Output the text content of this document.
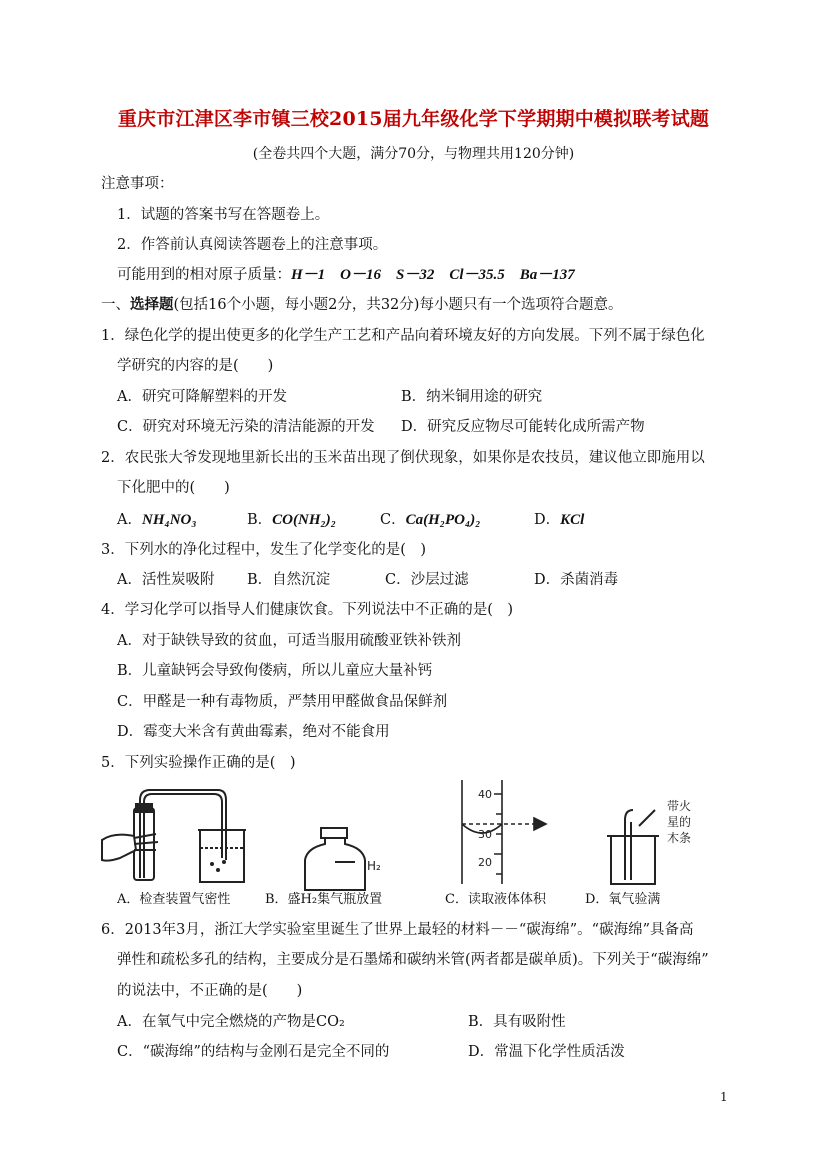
重庆市江津区李市镇三校2015届九年级化学下学期期中模拟联考试题
(全卷共四个大题，满分70分，与物理共用120分钟)
注意事项：
1．试题的答案书写在答题卷上。
2．作答前认真阅读答题卷上的注意事项。
可能用到的相对原子质量：H－1　O－16　S－32　Cl－35.5　Ba－137
一、选择题(包括16个小题，每小题2分，共32分)每小题只有一个选项符合题意。
1．绿色化学的提出使更多的化学生产工艺和产品向着环境友好的方向发展。下列不属于绿色化
学研究的内容的是(　　)
A．研究可降解塑料的开发	B．纳米铜用途的研究
C．研究对环境无污染的清洁能源的开发 D．研究反应物尽可能转化成所需产物
2．农民张大爷发现地里新长出的玉米苗出现了倒伏现象，如果你是农技员，建议他立即施用以
下化肥中的(　　)
A．NH₄NO₃	B．CO(NH₂)₂	C．Ca(H₂PO₄)₂	D．KCl
3．下列水的净化过程中，发生了化学变化的是(　)
A．活性炭吸附 B．自然沉淀	C．沙层过滤	D．杀菌消毒
4．学习化学可以指导人们健康饮食。下列说法中不正确的是(　)
A．对于缺铁导致的贫血，可适当服用硫酸亚铁补铁剂
B．儿童缺钙会导致佝偻病，所以儿童应大量补钙
C．甲醛是一种有毒物质，严禁用甲醛做食品保鲜剂
D．霉变大米含有黄曲霉素，绝对不能食用
5．下列实验操作正确的是(　)
H₂
40
30
20
带火
星的
木条
A．检查装置气密性	B．盛H₂集气瓶放置	C．读取液体体积	D．氧气验满
6．2013年3月，浙江大学实验室里诞生了世界上最轻的材料－－“碳海绵”。“碳海绵”具备高
弹性和疏松多孔的结构，主要成分是石墨烯和碳纳米管(两者都是碳单质)。下列关于“碳海绵”
的说法中，不正确的是(　　)
A．在氧气中完全燃烧的产物是CO₂	B．具有吸附性
C．“碳海绵”的结构与金刚石是完全不同的	D．常温下化学性质活泼
1
